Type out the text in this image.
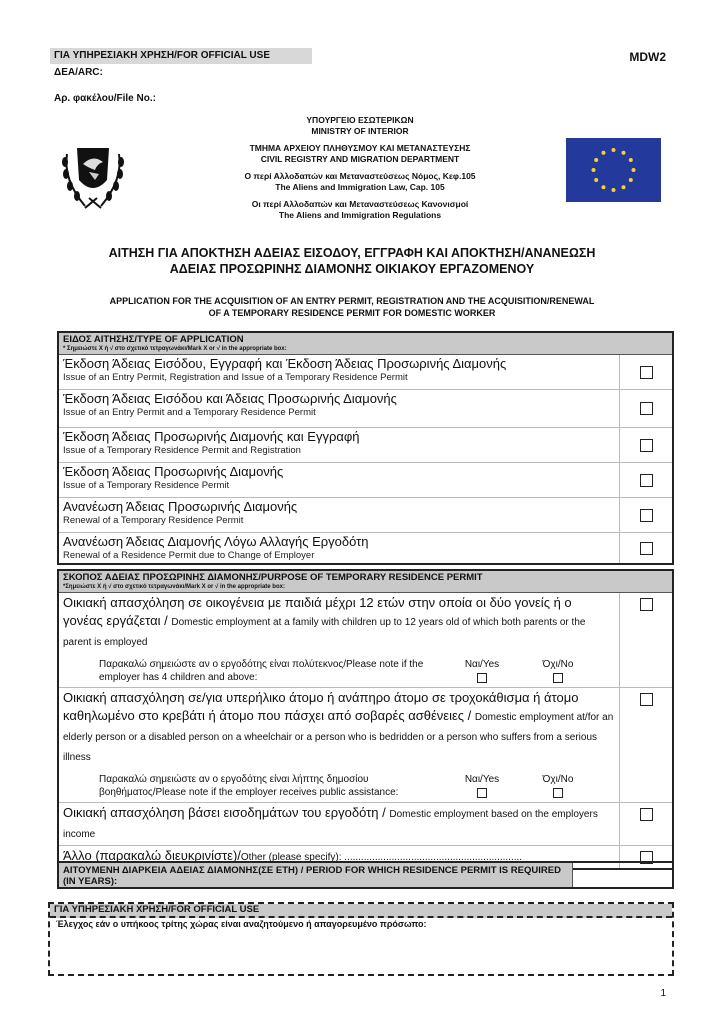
ΓΙΑ ΥΠΗΡΕΣΙΑΚΗ ΧΡΗΣΗ/FOR OFFICIAL USE
ΔΕΑ/ARC:
Αρ. φακέλου/File No.:
MDW2
ΥΠΟΥΡΓΕΙΟ ΕΣΩΤΕΡΙΚΩΝ
MINISTRY OF INTERIOR
ΤΜΗΜΑ ΑΡΧΕΙΟΥ ΠΛΗΘΥΣΜΟΥ ΚΑΙ ΜΕΤΑΝΑΣΤΕΥΣΗΣ
CIVIL REGISTRY AND MIGRATION DEPARTMENT
Ο περί Αλλοδαπών και Μεταναστεύσεως Νόμος, Κεφ.105
The Aliens and Immigration Law, Cap. 105
Οι περί Αλλοδαπών και Μεταναστεύσεως Κανονισμοί
The Aliens and Immigration Regulations
ΑΙΤΗΣΗ ΓΙΑ ΑΠΟΚΤΗΣΗ ΑΔΕΙΑΣ ΕΙΣΟΔΟΥ, ΕΓΓΡΑΦΗ ΚΑΙ ΑΠΟΚΤΗΣΗ/ΑΝΑΝΕΩΣΗ
ΑΔΕΙΑΣ ΠΡΟΣΩΡΙΝΗΣ ΔΙΑΜΟΝΗΣ ΟΙΚΙΑΚΟΥ ΕΡΓΑΖΟΜΕΝΟΥ
APPLICATION FOR THE ACQUISITION OF AN ENTRY PERMIT, REGISTRATION AND THE ACQUISITION/RENEWAL
OF A TEMPORARY RESIDENCE PERMIT FOR DOMESTIC WORKER
ΕΙΔΟΣ ΑΙΤΗΣΗΣ/TYPE OF APPLICATION
* Σημειώστε Χ ή √ στο σχετικό τετραγωνάκι/Mark X or √ in the appropriate box:
Έκδοση Άδειας Εισόδου, Εγγραφή και Έκδοση Άδειας Προσωρινής Διαμονής
Issue of an Entry Permit, Registration and Issue of a Temporary Residence Permit
Έκδοση Άδειας Εισόδου και Άδειας Προσωρινής Διαμονής
Issue of an Entry Permit and a Temporary Residence Permit
Έκδοση Άδειας Προσωρινής Διαμονής και Εγγραφή
Issue of a Temporary Residence Permit and Registration
Έκδοση Άδειας Προσωρινής Διαμονής
Issue of a Temporary Residence Permit
Ανανέωση Άδειας Προσωρινής Διαμονής
Renewal of a Temporary Residence Permit
Ανανέωση Άδειας Διαμονής Λόγω Αλλαγής Εργοδότη
Renewal of a Residence Permit due to Change of Employer
ΣΚΟΠΟΣ ΑΔΕΙΑΣ ΠΡΟΣΩΡΙΝΗΣ ΔΙΑΜΟΝΗΣ/PURPOSE OF TEMPORARY RESIDENCE PERMIT
*Σημειώστε Χ ή √ στο σχετικό τετραγωνάκι/Mark X or √ in the appropriate box:
Οικιακή απασχόληση σε οικογένεια με παιδιά μέχρι 12 ετών στην οποία οι δύο γονείς ή ο γονέας εργάζεται / Domestic employment at a family with children up to 12 years old of which both parents or the parent is employed
Παρακαλώ σημειώστε αν ο εργοδότης είναι πολύτεκνος/Please note if the employer has 4 children and above:
Ναι/Yes	Όχι/No
Οικιακή απασχόληση σε/για υπερήλικο άτομο ή ανάπηρο άτομο σε τροχοκάθισμα ή άτομο καθηλωμένο στο κρεβάτι ή άτομο που πάσχει από σοβαρές ασθένειες / Domestic employment at/for an elderly person or a disabled person on a wheelchair or a person who is bedridden or a person who suffers from a serious illness
Παρακαλώ σημειώστε αν ο εργοδότης είναι λήπτης δημοσίου βοηθήματος/Please note if the employer receives public assistance:
Ναι/Yes	Όχι/No
Οικιακή απασχόληση βάσει εισοδημάτων του εργοδότη / Domestic employment based on the employers income
Άλλο (παρακαλώ διευκρινίστε)/Other (please specify): ................................................................
ΑΙΤΟΥΜΕΝΗ ΔΙΑΡΚΕΙΑ ΑΔΕΙΑΣ ΔΙΑΜΟΝΗΣ(ΣΕ ΕΤΗ) / PERIOD FOR WHICH RESIDENCE PERMIT IS REQUIRED (IN YEARS):
ΓΙΑ ΥΠΗΡΕΣΙΑΚΗ ΧΡΗΣΗ/FOR OFFICIAL USE
Έλεγχος εάν ο υπήκοος τρίτης χώρας είναι αναζητούμενο ή απαγορευμένο πρόσωπο:
1
